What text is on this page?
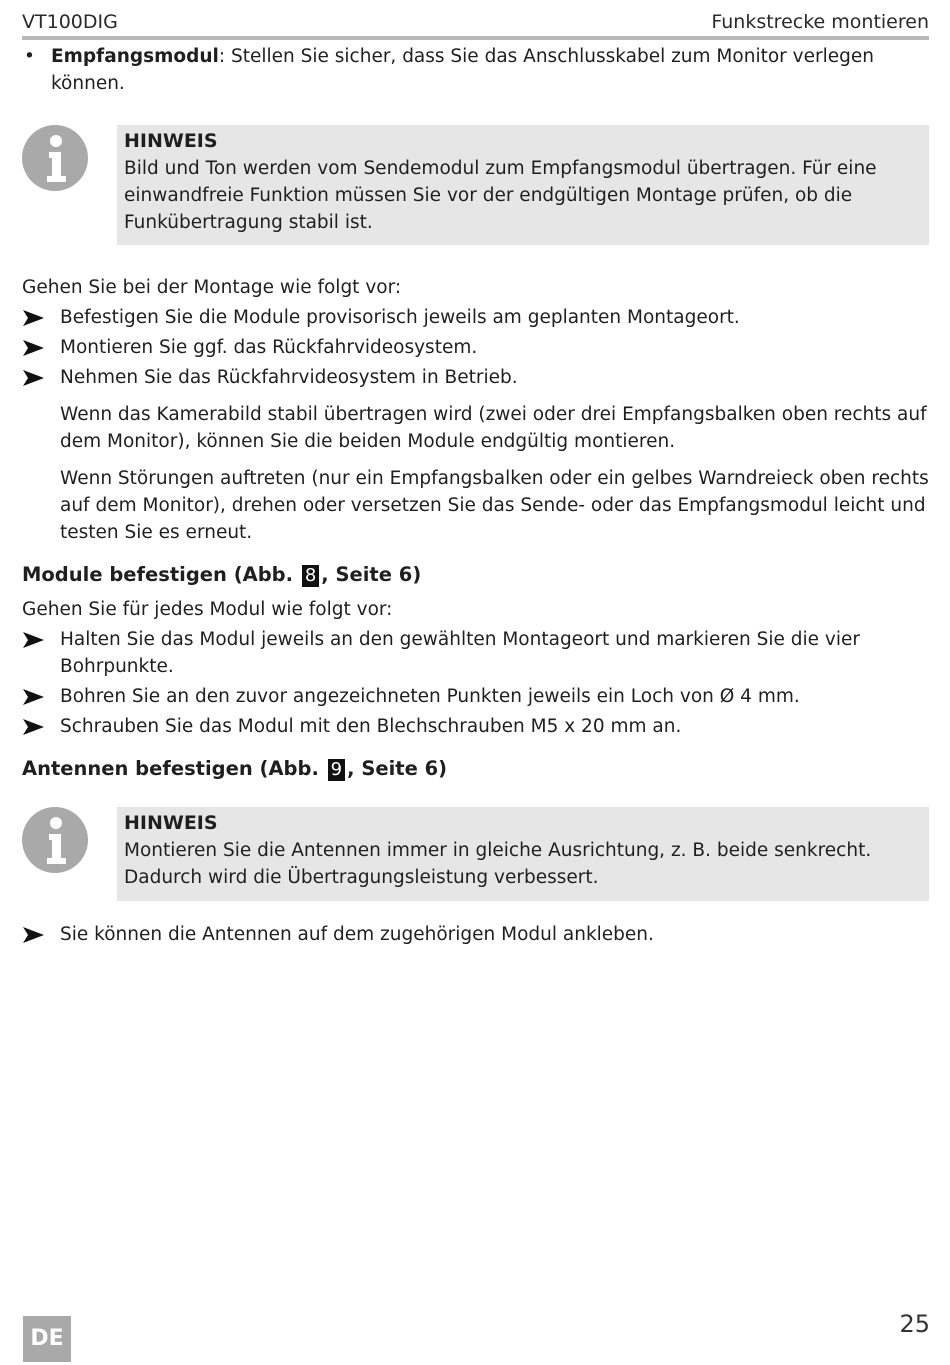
VT100DIG	Funkstrecke montieren

• Empfangsmodul: Stellen Sie sicher, dass Sie das Anschlusskabel zum Monitor verlegen können.

HINWEIS

Bild und Ton werden vom Sendemodul zum Empfangsmodul übertragen. Für eine einwandfreie Funktion müssen Sie vor der endgültigen Montage prüfen, ob die Funkübertragung stabil ist.

Gehen Sie bei der Montage wie folgt vor:

Befestigen Sie die Module provisorisch jeweils am geplanten Montageort.
Montieren Sie ggf. das Rückfahrvideosystem.
Nehmen Sie das Rückfahrvideosystem in Betrieb.

Wenn das Kamerabild stabil übertragen wird (zwei oder drei Empfangsbalken oben rechts auf dem Monitor), können Sie die beiden Module endgültig montieren.

Wenn Störungen auftreten (nur ein Empfangsbalken oder ein gelbes Warndreieck oben rechts auf dem Monitor), drehen oder versetzen Sie das Sende- oder das Empfangsmodul leicht und testen Sie es erneut.

Module befestigen (Abb. 8 , Seite 6)

Gehen Sie für jedes Modul wie folgt vor:

Halten Sie das Modul jeweils an den gewählten Montageort und markieren Sie die vier Bohrpunkte.
Bohren Sie an den zuvor angezeichneten Punkten jeweils ein Loch von Ø 4 mm.
Schrauben Sie das Modul mit den Blechschrauben M5 x 20 mm an.
Antennen befestigen (Abb. 9 , Seite 6)
HINWEIS

Montieren Sie die Antennen immer in gleiche Ausrichtung, z. B. beide senkrecht. Dadurch wird die Übertragungsleistung verbessert.

Sie können die Antennen auf dem zugehörigen Modul ankleben.
DE
25
